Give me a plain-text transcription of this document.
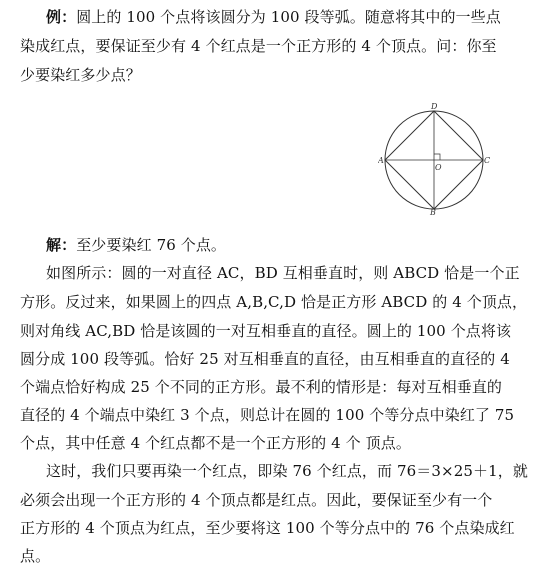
例：圆上的 100 个点将该圆分为 100 段等弧。随意将其中的一些点
染成红点，要保证至少有 4 个红点是一个正方形的 4 个顶点。问：你至
少要染红多少点？
D
A	C
B
O
解：至少要染红 76 个点。
如图所示：圆的一对直径 AC，BD 互相垂直时，则 ABCD 恰是一个正
方形。反过来，如果圆上的四点 A,B,C,D 恰是正方形 ABCD 的 4 个顶点，
则对角线 AC,BD 恰是该圆的一对互相垂直的直径。圆上的 100 个点将该
圆分成 100 段等弧。恰好 25 对互相垂直的直径，由互相垂直的直径的 4
个端点恰好构成 25 个不同的正方形。最不利的情形是：每对互相垂直的
直径的 4 个端点中染红 3 个点，则总计在圆的 100 个等分点中染红了 75
个点，其中任意 4 个红点都不是一个正方形的 4 个 顶点。
这时，我们只要再染一个红点，即染 76 个红点，而 76＝3×25＋1，就
必须会出现一个正方形的 4 个顶点都是红点。因此，要保证至少有一个
正方形的 4 个顶点为红点，至少要将这 100 个等分点中的 76 个点染成红
点。
